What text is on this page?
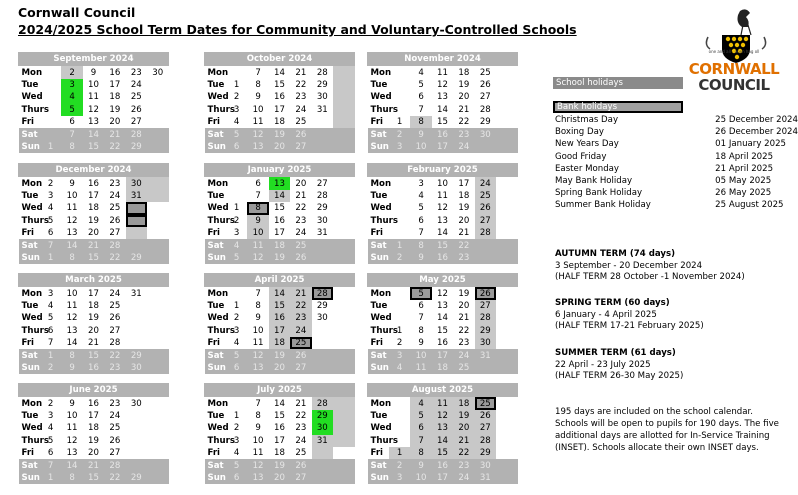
Cornwall Council
2024/2025 School Term Dates for Community and Voluntary-Controlled Schools
one and all · onen hag oll
CORNWALL
COUNCIL
September 2024						
Mon		2	9	16	23	30
Tue		3	10	17	24	
Wed		4	11	18	25	
Thurs		5	12	19	26	
Fri		6	13	20	27	
Sat		7	14	21	28	
Sun	1	8	15	22	29	
October 2024						
Mon		7	14	21	28	
Tue	1	8	15	22	29	
Wed	2	9	16	23	30	
Thurs	3	10	17	24	31	
Fri	4	11	18	25		
Sat	5	12	19	26		
Sun	6	13	20	27		
November 2024						
Mon		4	11	18	25	
Tue		5	12	19	26	
Wed		6	13	20	27	
Thurs		7	14	21	28	
Fri	1	8	15	22	29	
Sat	2	9	16	23	30	
Sun	3	10	17	24		
December 2024						
Mon	2	9	16	23	30	
Tue	3	10	17	24	31	
Wed	4	11	18	25		
Thurs	5	12	19	26		
Fri	6	13	20	27		
Sat	7	14	21	28		
Sun	1	8	15	22	29	
January 2025						
Mon		6	13	20	27	
Tue		7	14	21	28	
Wed	1	8	15	22	29	
Thurs	2	9	16	23	30	
Fri	3	10	17	24	31	
Sat	4	11	18	25		
Sun	5	12	19	26		
February 2025						
Mon		3	10	17	24	
Tue		4	11	18	25	
Wed		5	12	19	26	
Thurs		6	13	20	27	
Fri		7	14	21	28	
Sat	1	8	15	22		
Sun	2	9	16	23		
March 2025						
Mon	3	10	17	24	31	
Tue	4	11	18	25		
Wed	5	12	19	26		
Thurs	6	13	20	27		
Fri	7	14	21	28		
Sat	1	8	15	22	29	
Sun	2	9	16	23	30	
April 2025						
Mon		7	14	21	28	
Tue	1	8	15	22	29	
Wed	2	9	16	23	30	
Thurs	3	10	17	24		
Fri	4	11	18	25		
Sat	5	12	19	26		
Sun	6	13	20	27		
May 2025						
Mon		5	12	19	26	
Tue		6	13	20	27	
Wed		7	14	21	28	
Thurs	1	8	15	22	29	
Fri	2	9	16	23	30	
Sat	3	10	17	24	31	
Sun	4	11	18	25		
June 2025						
Mon	2	9	16	23	30	
Tue	3	10	17	24		
Wed	4	11	18	25		
Thurs	5	12	19	26		
Fri	6	13	20	27		
Sat	7	14	21	28		
Sun	1	8	15	22	29	
July 2025						
Mon		7	14	21	28	
Tue	1	8	15	22	29	
Wed	2	9	16	23	30	
Thurs	3	10	17	24	31	
Fri	4	11	18	25		
Sat	5	12	19	26		
Sun	6	13	20	27		
August 2025						
Mon		4	11	18	25	
Tue		5	12	19	26	
Wed		6	13	20	27	
Thurs		7	14	21	28	
Fri	1	8	15	22	29	
Sat	2	9	16	23	30	
Sun	3	10	17	24	31	
School holidays
Bank holidays
Christmas Day	25 December 2024
Boxing Day	26 December 2024
New Years Day	01 January 2025
Good Friday	18 April 2025
Easter Monday	21 April 2025
May Bank Holiday	05 May 2025
Spring Bank Holiday	26 May 2025
Summer Bank Holiday	25 August 2025
AUTUMN TERM (74 days)
3 September - 20 December 2024
(HALF TERM 28 October -1 November 2024)
SPRING TERM (60 days)
6 January - 4 April 2025
(HALF TERM 17-21 February 2025)
SUMMER TERM (61 days)
22 April - 23 July 2025
(HALF TERM 26-30 May 2025)
195 days are included on the school calendar. Schools will be open to pupils for 190 days. The five additional days are allotted for In-Service Training (INSET). Schools allocate their own INSET days.
